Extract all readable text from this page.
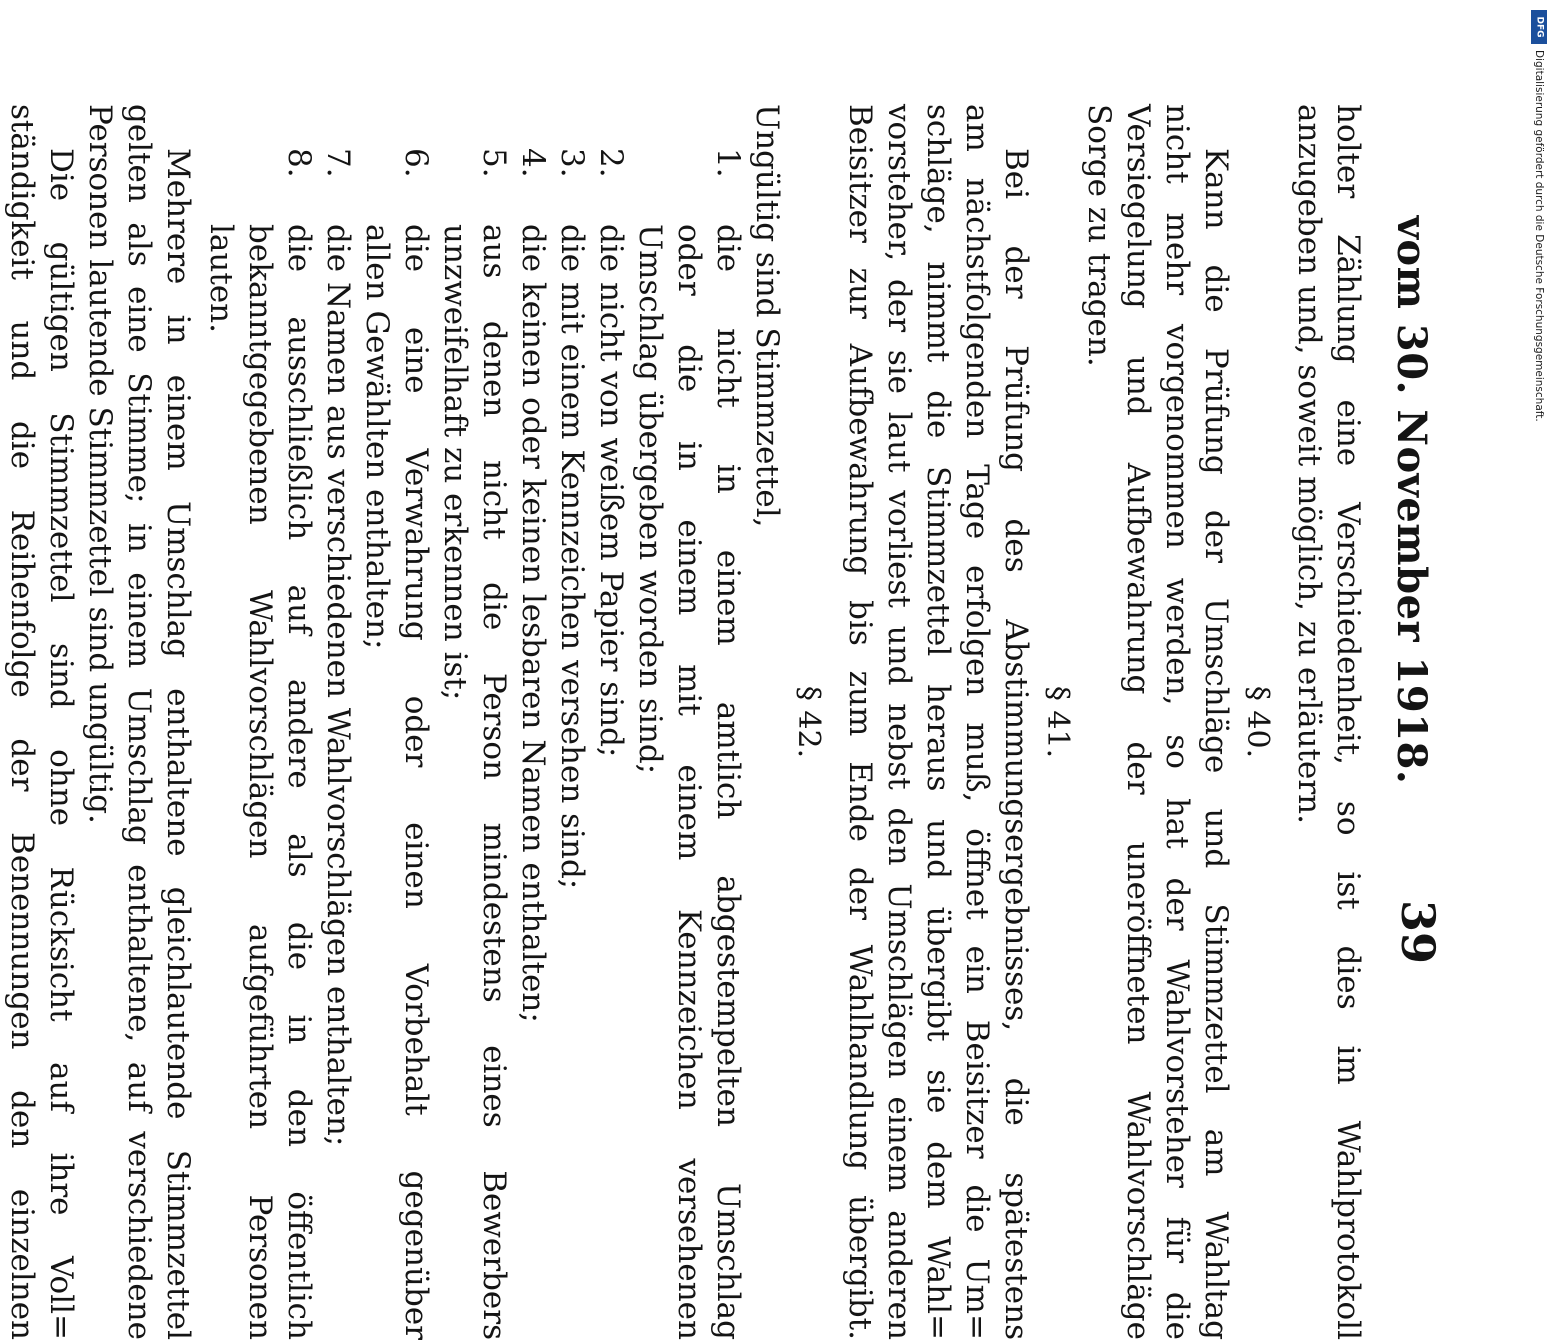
vom 30. November 1918.
39
holter Zählung eine Verschiedenheit, so ist dies im Wahlprotokoll
anzugeben und, soweit möglich, zu erläutern.
§ 40.
Kann die Prüfung der Umschläge und Stimmzettel am Wahltag
nicht mehr vorgenommen werden, so hat der Wahlvorsteher für die
Versiegelung und Aufbewahrung der uneröffneten Wahlvorschläge
Sorge zu tragen.
§ 41.
Bei der Prüfung des Abstimmungsergebnisses, die spätestens
am nächstfolgenden Tage erfolgen muß, öffnet ein Beisitzer die Um=
schläge, nimmt die Stimmzettel heraus und übergibt sie dem Wahl=
vorsteher, der sie laut vorliest und nebst den Umschlägen einem anderen
Beisitzer zur Aufbewahrung bis zum Ende der Wahlhandlung übergibt.
§ 42.
Ungültig sind Stimmzettel,
1.
die nicht in einem amtlich abgestempelten Umschlag
oder die in einem mit einem Kennzeichen versehenen
Umschlag übergeben worden sind;
2.
die nicht von weißem Papier sind;
3.
die mit einem Kennzeichen versehen sind;
4.
die keinen oder keinen lesbaren Namen enthalten;
5.
aus denen nicht die Person mindestens eines Bewerbers
unzweifelhaft zu erkennen ist;
6.
die eine Verwahrung oder einen Vorbehalt gegenüber
allen Gewählten enthalten;
7.
die Namen aus verschiedenen Wahlvorschlägen enthalten;
8.
die ausschließlich auf andere als die in den öffentlich
bekanntgegebenen Wahlvorschlägen aufgeführten Personen
lauten.
Mehrere in einem Umschlag enthaltene gleichlautende Stimmzettel
gelten als eine Stimme; in einem Umschlag enthaltene, auf verschiedene
Personen lautende Stimmzettel sind ungültig.
Die gültigen Stimmzettel sind ohne Rücksicht auf ihre Voll=
ständigkeit und die Reihenfolge der Benennungen den einzelnen
DFG
Digitalisierung gefördert durch die Deutsche Forschungsgemeinschaft.
